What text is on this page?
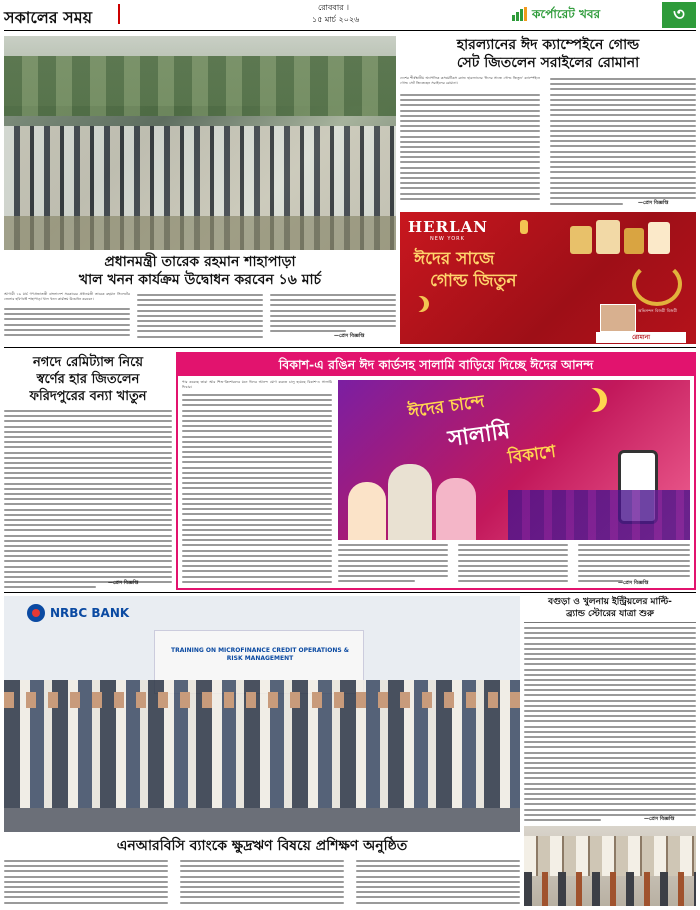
সকালের সময়
রোববার ।
১৫ মার্চ ২০২৬	কর্পোরেট খবর	৩
প্রধানমন্ত্রী তারেক রহমান শাহাপাড়া
খাল খনন কার্যক্রম উদ্বোধন করবেন ১৬ মার্চ
আগামী ১৬ মার্চ গণপ্রজাতন্ত্রী বাংলাদেশ সরকারের প্রধানমন্ত্রী তারেক রহমান সিলেটের জেলার হবিগঞ্জে শাহাপাড়া খাল খনন কার্যক্রম উদ্বোধন করবেন।
—প্রেস বিজ্ঞপ্তি
হারল্যানের ঈদ ক্যাম্পেইনে গোল্ড
সেট জিতলেন সরাইলের রোমানা
দেশের শীর্ষস্থানীয় অ্যাপলিক কসমেটিকস ব্র্যান্ড হারল্যানের 'ঈদের সাজে গোল্ড জিতুন' ক্যাম্পেইনে গোল্ড সেট জিতেছেন সরাইলের রোমানা।
—প্রেস বিজ্ঞপ্তি
HERLAN
NEW YORK
ঈদের সাজে
গোল্ড জিতুন
রোমানা
অভিনন্দন বিজয়ী বিজয়ী
নগদে রেমিট্যান্স নিয়ে
স্বর্ণের হার জিতলেন
ফরিদপুরের বন্যা খাতুন
—প্রেস বিজ্ঞপ্তি
বিকাশ-এ রঙিন ঈদ কার্ডসহ সালামি বাড়িয়ে দিচ্ছে ঈদের আনন্দ
পার করেছে তারা আর শিশু-কিশোরদের মনে ঈদের আনন্দ যোগ করতে চালু হয়েছে বিকাশ-এ সালামি ফিচার।
ঈদের চান্দে
সালামি
বিকাশে
—প্রেস বিজ্ঞপ্তি
NRBC BANK
TRAINING ON MICROFINANCE CREDIT OPERATIONS & RISK MANAGEMENT
এনআরবিসি ব্যাংকে ক্ষুদ্রঋণ বিষয়ে প্রশিক্ষণ অনুষ্ঠিত
বগুড়া ও খুলনায় ইন্ট্রিয়লের মাল্টি-
ব্র্যান্ড স্টোরের যাত্রা শুরু
—প্রেস বিজ্ঞপ্তি
